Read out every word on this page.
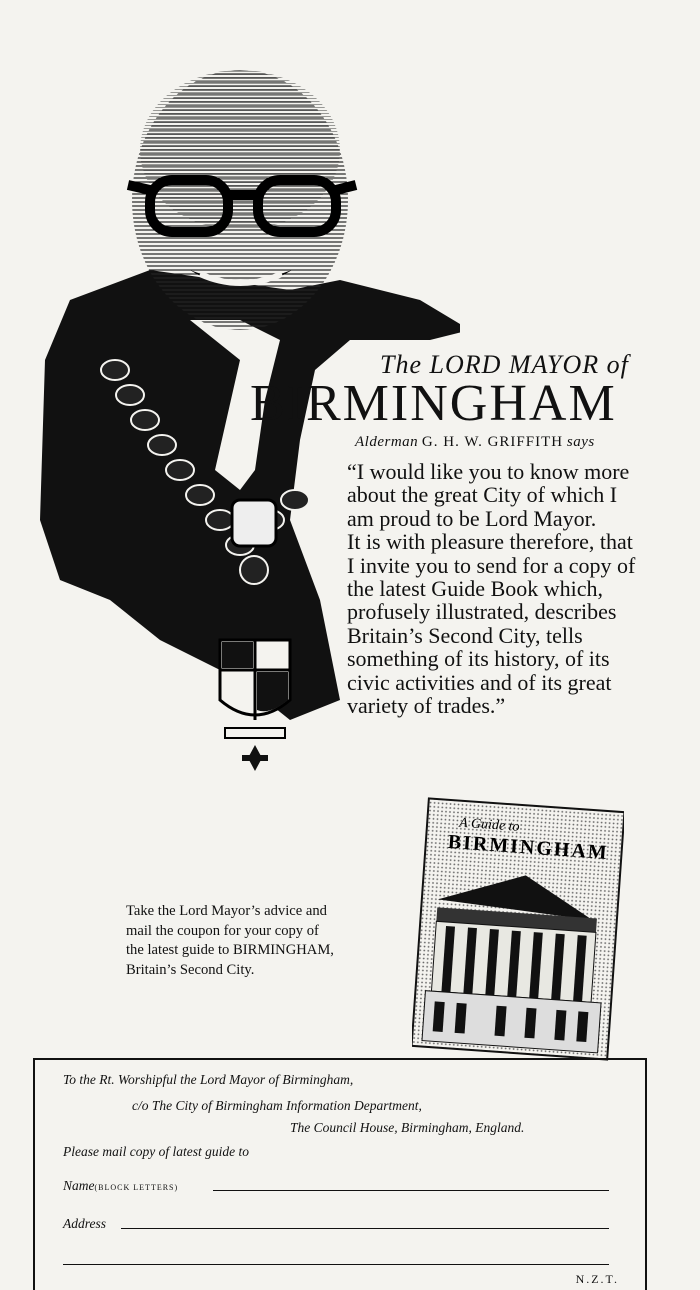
The LORD MAYOR of
BIRMINGHAM
Alderman G. H. W. GRIFFITH says

“I would like you to know more about the great City of which I am proud to be Lord Mayor.

It is with pleasure therefore, that I invite you to send for a copy of the latest Guide Book which, profusely illustrated, describes Britain’s Second City, tells something of its history, of its civic activities and of its great variety of trades.”

A Guide to
BIRMINGHAM
Take the Lord Mayor’s advice and mail the coupon for your copy of the latest guide to BIRMINGHAM, Britain’s Second City.
To the Rt. Worshipful the Lord Mayor of Birmingham,
c/o The City of Birmingham Information Department,
The Council House, Birmingham, England.
Please mail copy of latest guide to
Name(BLOCK LETTERS)
Address
N.Z.T.
